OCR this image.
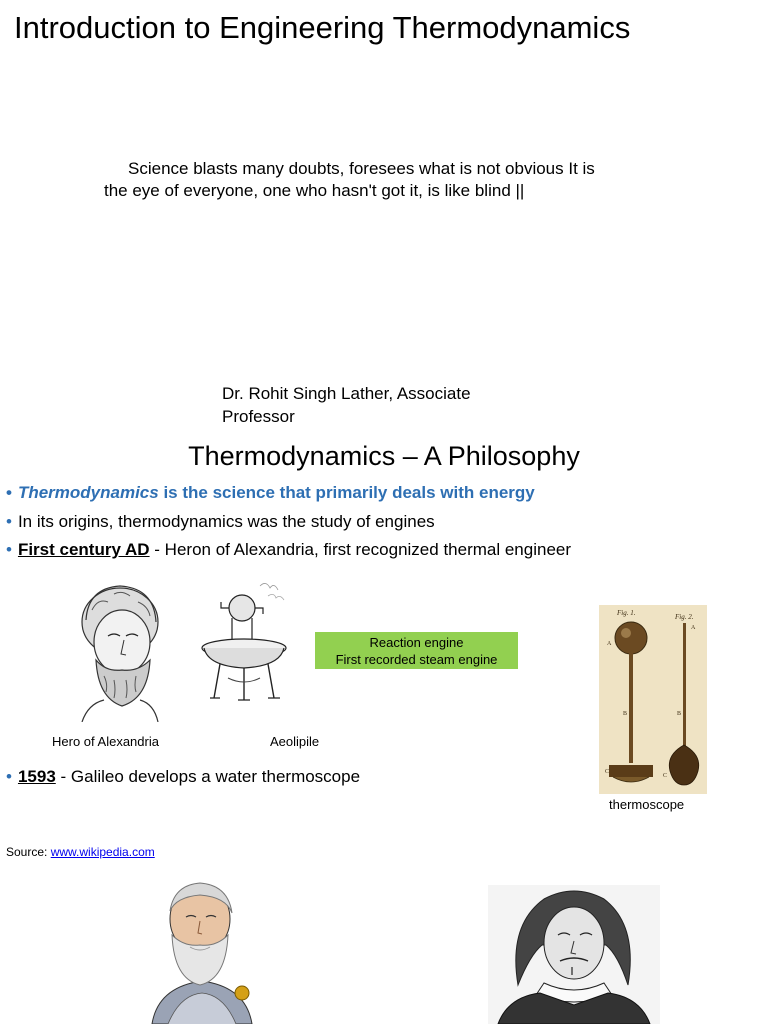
Introduction to Engineering Thermodynamics
Science blasts many doubts, foresees what is not obvious It is
the eye of everyone, one who hasn't got it, is like blind ||
Dr. Rohit Singh Lather, Associate
Professor
Thermodynamics – A Philosophy
• Thermodynamics is the science that primarily deals with energy
• In its origins, thermodynamics was the study of engines
• First century AD - Heron of Alexandria, first recognized thermal engineer
Hero of Alexandria	Aeolipile
Reaction engine
First recorded steam engine
Fig. 1.	Fig. 2.
A
B
C
A
B
C
thermoscope
• 1593 - Galileo develops a water thermoscope
Source: www.wikipedia.com
